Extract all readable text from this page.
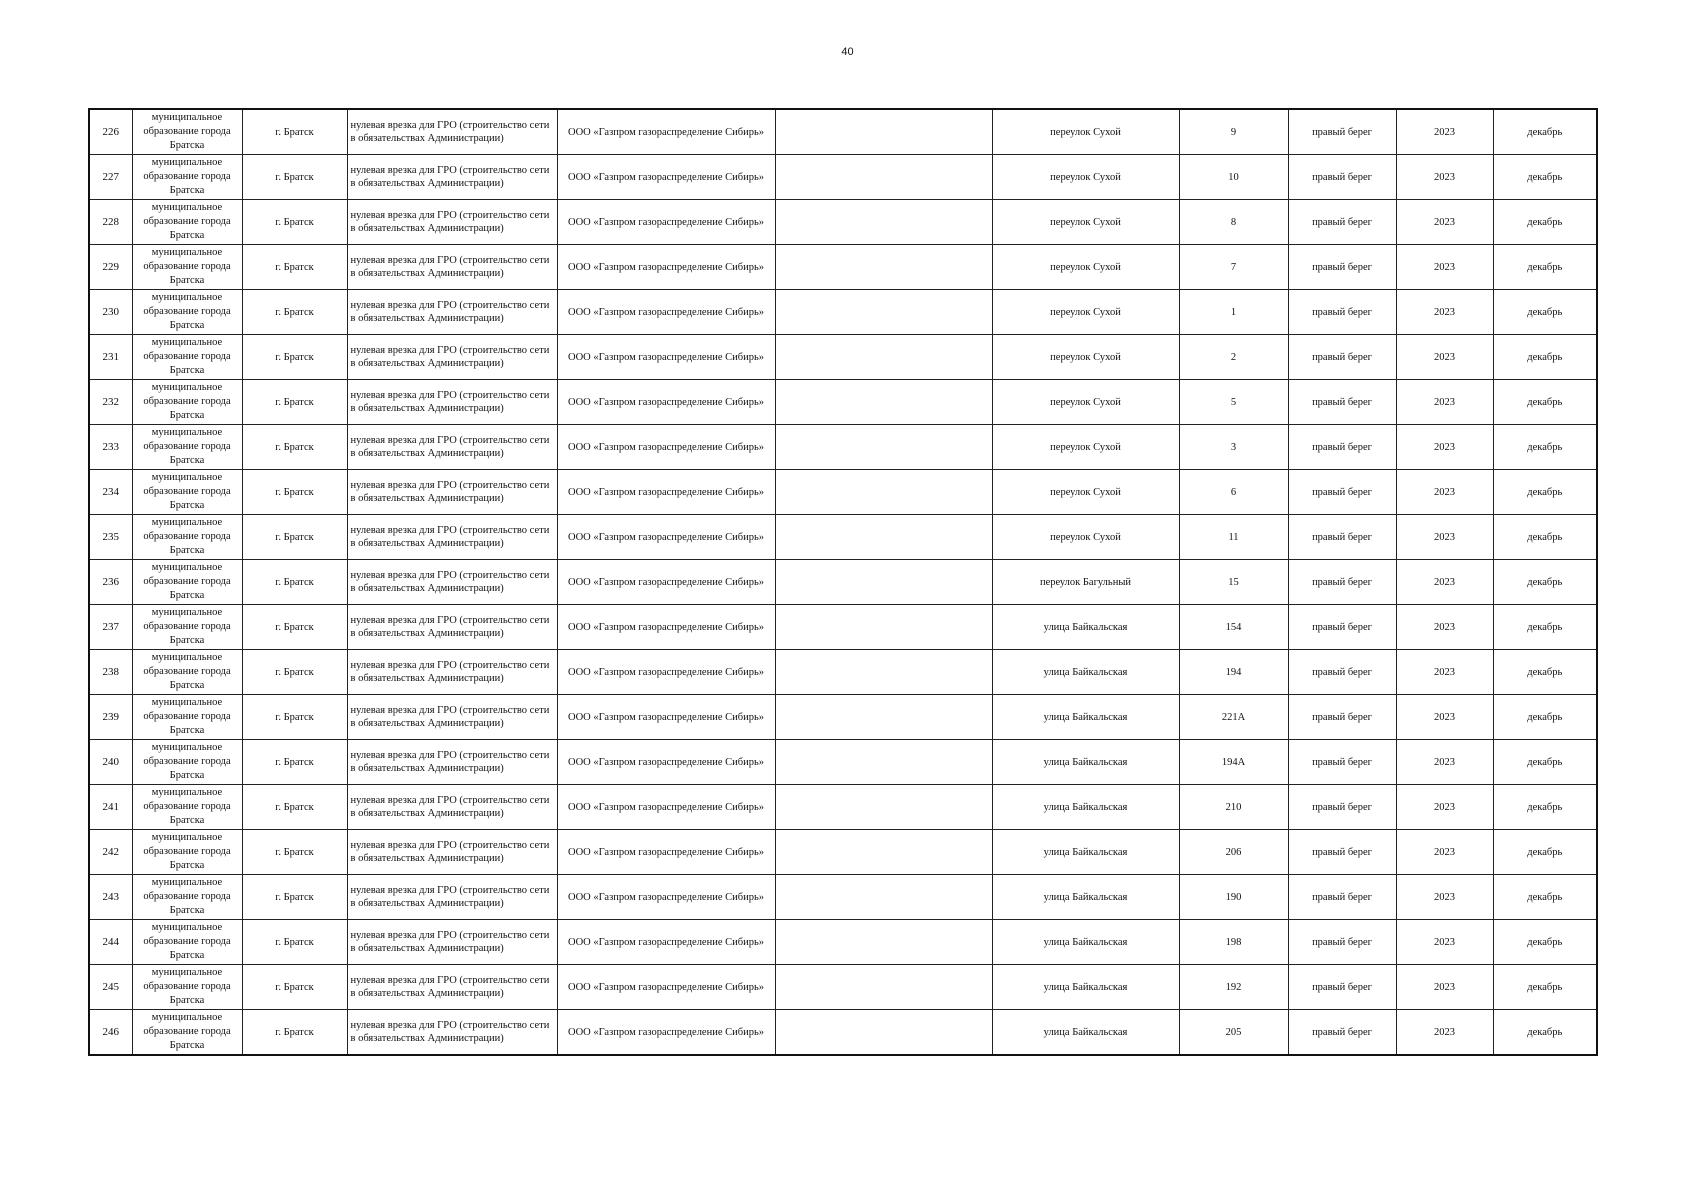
40
226	муниципальное образование города Братска	г. Братск	нулевая врезка для ГРО (строительство сети в обязательствах Администрации)	ООО «Газпром газораспределение Сибирь»		переулок Сухой	9	правый берег	2023	декабрь
227	муниципальное образование города Братска	г. Братск	нулевая врезка для ГРО (строительство сети в обязательствах Администрации)	ООО «Газпром газораспределение Сибирь»		переулок Сухой	10	правый берег	2023	декабрь
228	муниципальное образование города Братска	г. Братск	нулевая врезка для ГРО (строительство сети в обязательствах Администрации)	ООО «Газпром газораспределение Сибирь»		переулок Сухой	8	правый берег	2023	декабрь
229	муниципальное образование города Братска	г. Братск	нулевая врезка для ГРО (строительство сети в обязательствах Администрации)	ООО «Газпром газораспределение Сибирь»		переулок Сухой	7	правый берег	2023	декабрь
230	муниципальное образование города Братска	г. Братск	нулевая врезка для ГРО (строительство сети в обязательствах Администрации)	ООО «Газпром газораспределение Сибирь»		переулок Сухой	1	правый берег	2023	декабрь
231	муниципальное образование города Братска	г. Братск	нулевая врезка для ГРО (строительство сети в обязательствах Администрации)	ООО «Газпром газораспределение Сибирь»		переулок Сухой	2	правый берег	2023	декабрь
232	муниципальное образование города Братска	г. Братск	нулевая врезка для ГРО (строительство сети в обязательствах Администрации)	ООО «Газпром газораспределение Сибирь»		переулок Сухой	5	правый берег	2023	декабрь
233	муниципальное образование города Братска	г. Братск	нулевая врезка для ГРО (строительство сети в обязательствах Администрации)	ООО «Газпром газораспределение Сибирь»		переулок Сухой	3	правый берег	2023	декабрь
234	муниципальное образование города Братска	г. Братск	нулевая врезка для ГРО (строительство сети в обязательствах Администрации)	ООО «Газпром газораспределение Сибирь»		переулок Сухой	6	правый берег	2023	декабрь
235	муниципальное образование города Братска	г. Братск	нулевая врезка для ГРО (строительство сети в обязательствах Администрации)	ООО «Газпром газораспределение Сибирь»		переулок Сухой	11	правый берег	2023	декабрь
236	муниципальное образование города Братска	г. Братск	нулевая врезка для ГРО (строительство сети в обязательствах Администрации)	ООО «Газпром газораспределение Сибирь»		переулок Багульный	15	правый берег	2023	декабрь
237	муниципальное образование города Братска	г. Братск	нулевая врезка для ГРО (строительство сети в обязательствах Администрации)	ООО «Газпром газораспределение Сибирь»		улица Байкальская	154	правый берег	2023	декабрь
238	муниципальное образование города Братска	г. Братск	нулевая врезка для ГРО (строительство сети в обязательствах Администрации)	ООО «Газпром газораспределение Сибирь»		улица Байкальская	194	правый берег	2023	декабрь
239	муниципальное образование города Братска	г. Братск	нулевая врезка для ГРО (строительство сети в обязательствах Администрации)	ООО «Газпром газораспределение Сибирь»		улица Байкальская	221А	правый берег	2023	декабрь
240	муниципальное образование города Братска	г. Братск	нулевая врезка для ГРО (строительство сети в обязательствах Администрации)	ООО «Газпром газораспределение Сибирь»		улица Байкальская	194А	правый берег	2023	декабрь
241	муниципальное образование города Братска	г. Братск	нулевая врезка для ГРО (строительство сети в обязательствах Администрации)	ООО «Газпром газораспределение Сибирь»		улица Байкальская	210	правый берег	2023	декабрь
242	муниципальное образование города Братска	г. Братск	нулевая врезка для ГРО (строительство сети в обязательствах Администрации)	ООО «Газпром газораспределение Сибирь»		улица Байкальская	206	правый берег	2023	декабрь
243	муниципальное образование города Братска	г. Братск	нулевая врезка для ГРО (строительство сети в обязательствах Администрации)	ООО «Газпром газораспределение Сибирь»		улица Байкальская	190	правый берег	2023	декабрь
244	муниципальное образование города Братска	г. Братск	нулевая врезка для ГРО (строительство сети в обязательствах Администрации)	ООО «Газпром газораспределение Сибирь»		улица Байкальская	198	правый берег	2023	декабрь
245	муниципальное образование города Братска	г. Братск	нулевая врезка для ГРО (строительство сети в обязательствах Администрации)	ООО «Газпром газораспределение Сибирь»		улица Байкальская	192	правый берег	2023	декабрь
246	муниципальное образование города Братска	г. Братск	нулевая врезка для ГРО (строительство сети в обязательствах Администрации)	ООО «Газпром газораспределение Сибирь»		улица Байкальская	205	правый берег	2023	декабрь
